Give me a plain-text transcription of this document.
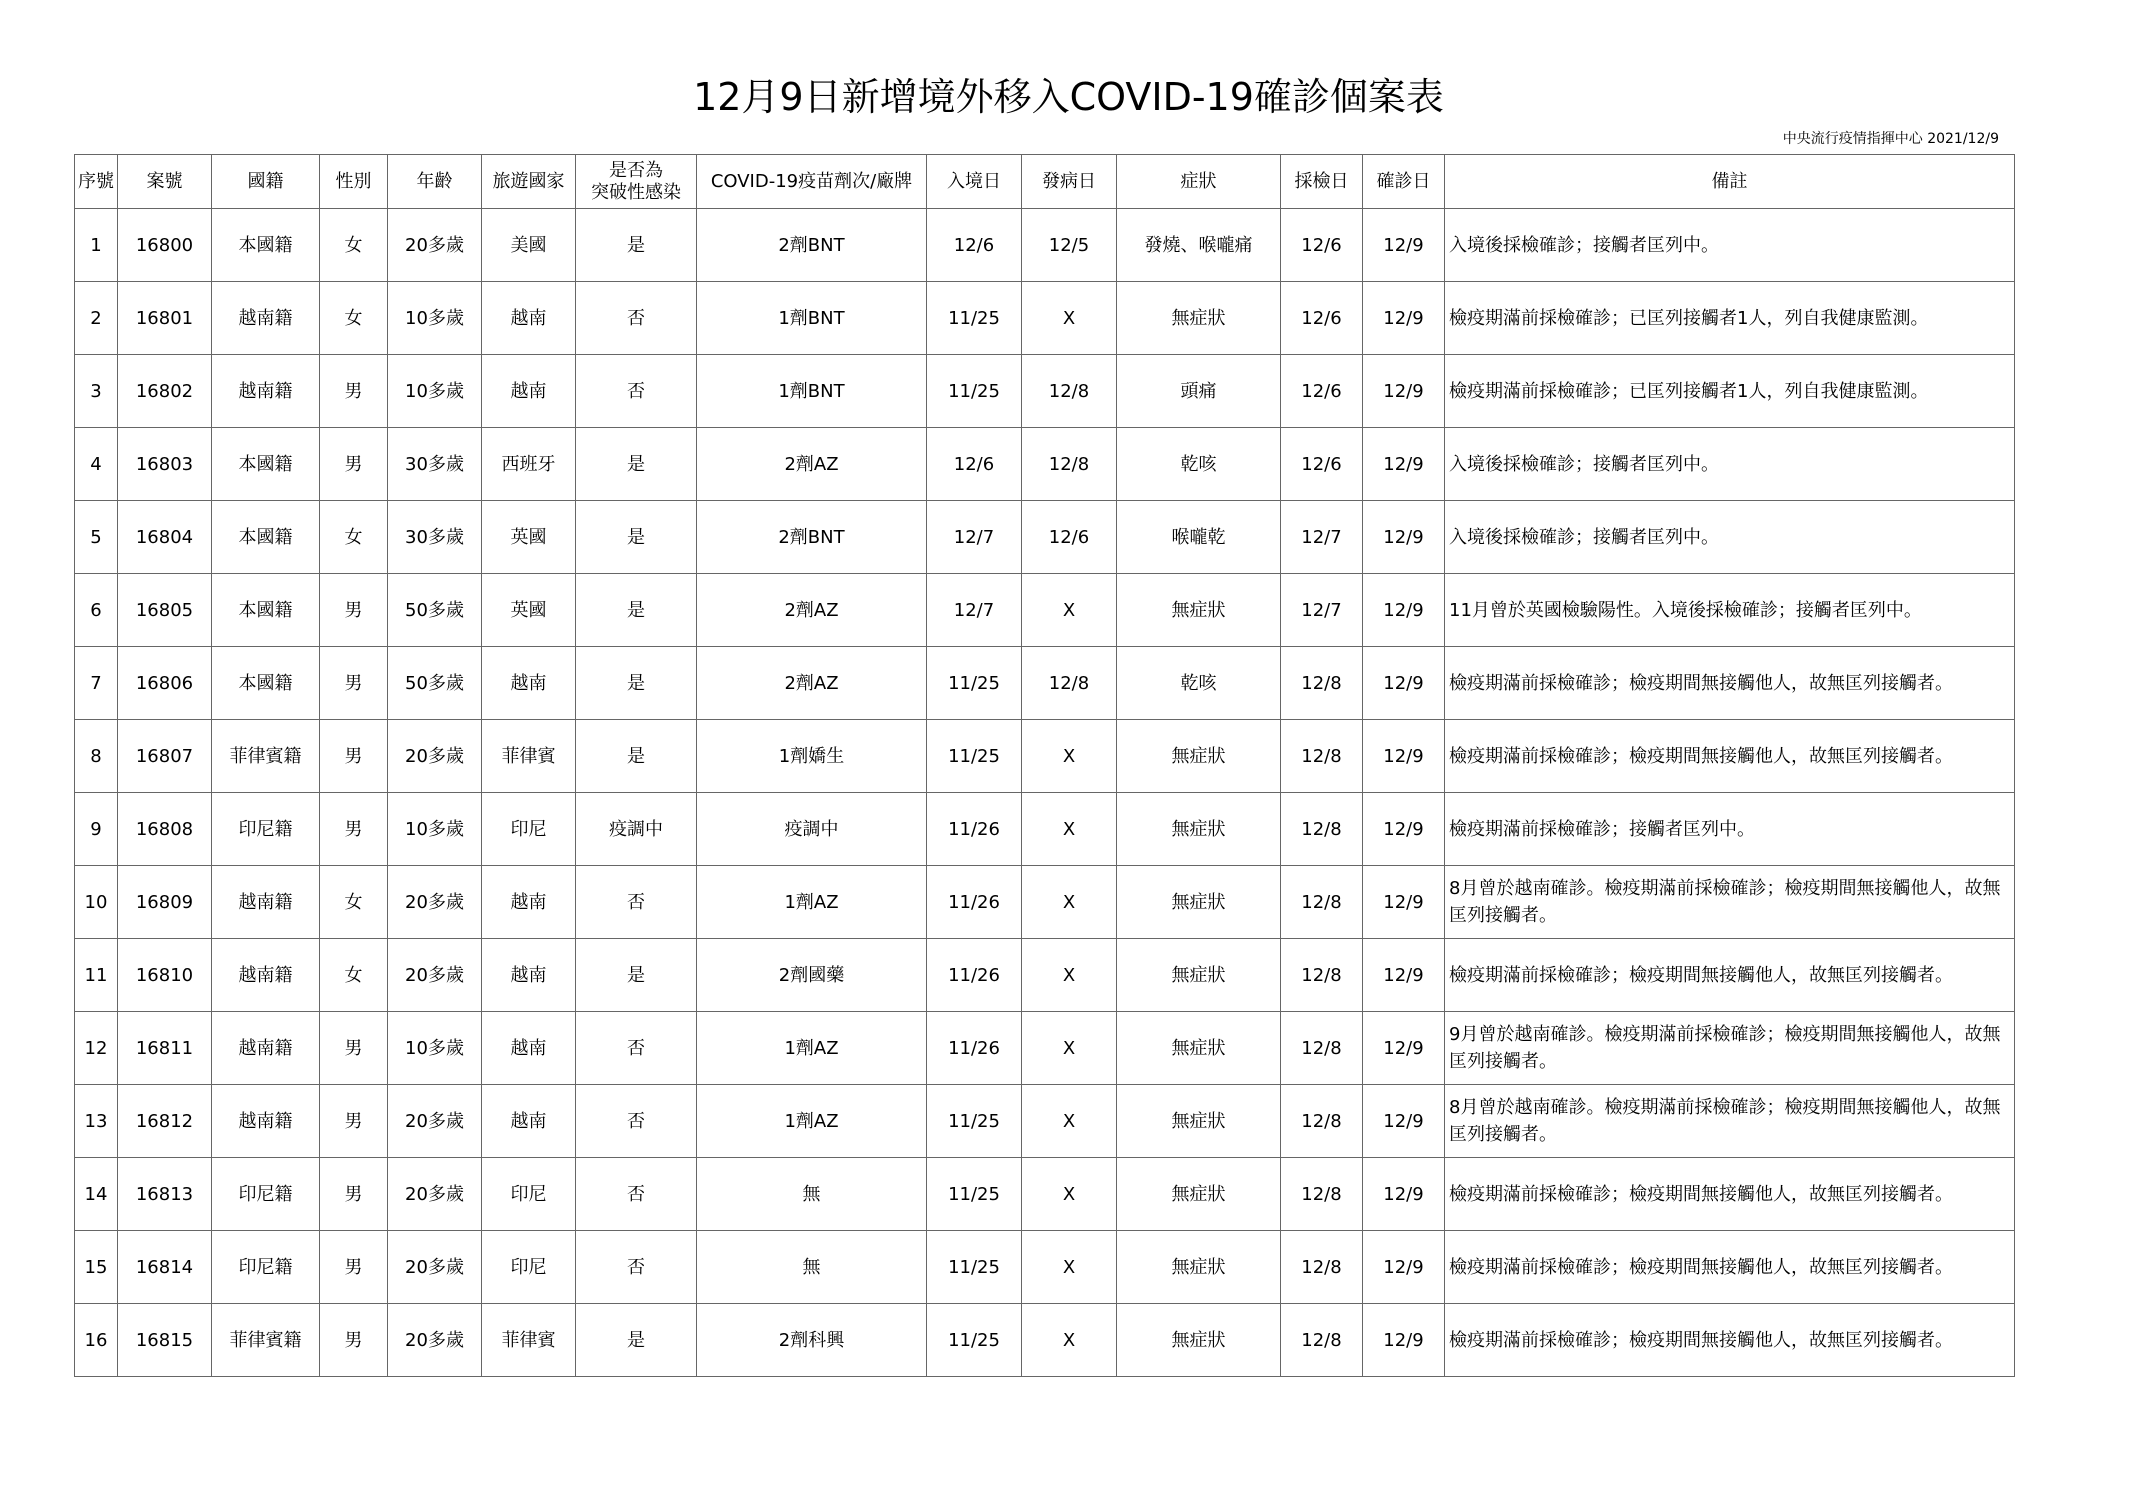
12月9日新增境外移入COVID-19確診個案表
中央流行疫情指揮中心 2021/12/9
序號	案號	國籍	性別	年齡	旅遊國家	是否為
突破性感染	COVID-19疫苗劑次/廠牌	入境日	發病日	症狀	採檢日	確診日	備註
1	16800	本國籍	女	20多歲	美國	是	2劑BNT	12/6	12/5	發燒、喉嚨痛	12/6	12/9	入境後採檢確診；接觸者匡列中。
2	16801	越南籍	女	10多歲	越南	否	1劑BNT	11/25	X	無症狀	12/6	12/9	檢疫期滿前採檢確診；已匡列接觸者1人，列自我健康監測。
3	16802	越南籍	男	10多歲	越南	否	1劑BNT	11/25	12/8	頭痛	12/6	12/9	檢疫期滿前採檢確診；已匡列接觸者1人，列自我健康監測。
4	16803	本國籍	男	30多歲	西班牙	是	2劑AZ	12/6	12/8	乾咳	12/6	12/9	入境後採檢確診；接觸者匡列中。
5	16804	本國籍	女	30多歲	英國	是	2劑BNT	12/7	12/6	喉嚨乾	12/7	12/9	入境後採檢確診；接觸者匡列中。
6	16805	本國籍	男	50多歲	英國	是	2劑AZ	12/7	X	無症狀	12/7	12/9	11月曾於英國檢驗陽性。入境後採檢確診；接觸者匡列中。
7	16806	本國籍	男	50多歲	越南	是	2劑AZ	11/25	12/8	乾咳	12/8	12/9	檢疫期滿前採檢確診；檢疫期間無接觸他人，故無匡列接觸者。
8	16807	菲律賓籍	男	20多歲	菲律賓	是	1劑嬌生	11/25	X	無症狀	12/8	12/9	檢疫期滿前採檢確診；檢疫期間無接觸他人，故無匡列接觸者。
9	16808	印尼籍	男	10多歲	印尼	疫調中	疫調中	11/26	X	無症狀	12/8	12/9	檢疫期滿前採檢確診；接觸者匡列中。
10	16809	越南籍	女	20多歲	越南	否	1劑AZ	11/26	X	無症狀	12/8	12/9	8月曾於越南確診。檢疫期滿前採檢確診；檢疫期間無接觸他人，故無匡列接觸者。
11	16810	越南籍	女	20多歲	越南	是	2劑國藥	11/26	X	無症狀	12/8	12/9	檢疫期滿前採檢確診；檢疫期間無接觸他人，故無匡列接觸者。
12	16811	越南籍	男	10多歲	越南	否	1劑AZ	11/26	X	無症狀	12/8	12/9	9月曾於越南確診。檢疫期滿前採檢確診；檢疫期間無接觸他人，故無匡列接觸者。
13	16812	越南籍	男	20多歲	越南	否	1劑AZ	11/25	X	無症狀	12/8	12/9	8月曾於越南確診。檢疫期滿前採檢確診；檢疫期間無接觸他人，故無匡列接觸者。
14	16813	印尼籍	男	20多歲	印尼	否	無	11/25	X	無症狀	12/8	12/9	檢疫期滿前採檢確診；檢疫期間無接觸他人，故無匡列接觸者。
15	16814	印尼籍	男	20多歲	印尼	否	無	11/25	X	無症狀	12/8	12/9	檢疫期滿前採檢確診；檢疫期間無接觸他人，故無匡列接觸者。
16	16815	菲律賓籍	男	20多歲	菲律賓	是	2劑科興	11/25	X	無症狀	12/8	12/9	檢疫期滿前採檢確診；檢疫期間無接觸他人，故無匡列接觸者。
